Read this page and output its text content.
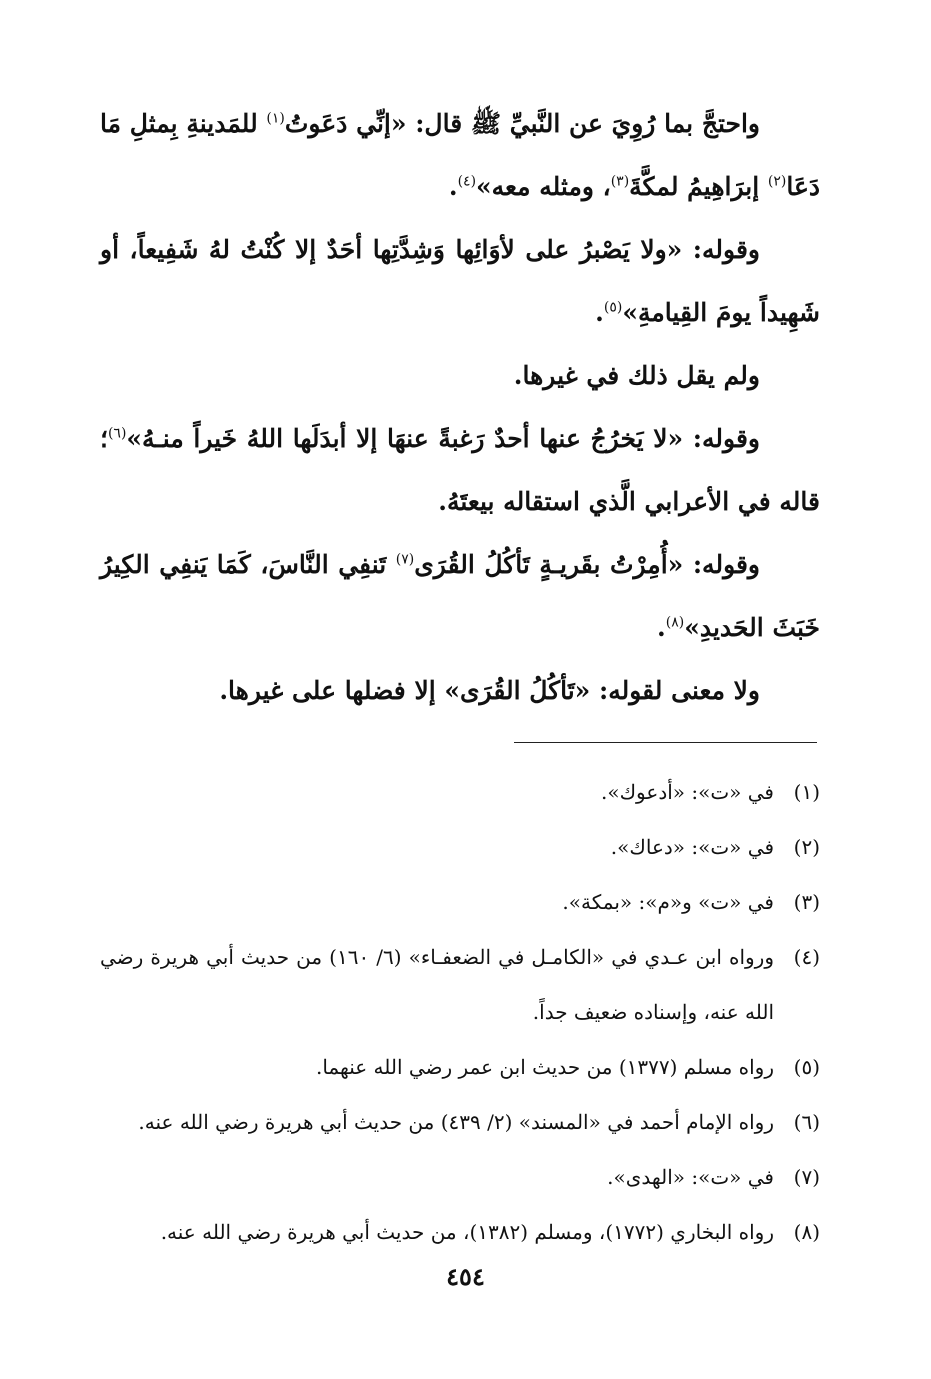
واحتجَّ بما رُوِيَ عن النَّبيِّ ﷺ قال: «إنِّي دَعَوتُ$^{(١)}$ للمَدينةِ بِمثلِ مَا دَعَا$^{(٢)}$ إبرَاهِيمُ لمكَّةَ$^{(٣)}$، ومثله معه»$^{(٤)}$.

وقوله: «ولا يَصْبرُ على لأوَائِها وَشِدَّتِها أحَدٌ إلا كُنْتُ لهُ شَفِيعاً، أو شَهِيداً يومَ القِيامةِ»$^{(٥)}$.

ولم يقل ذلك في غيرها.

وقوله: «لا يَخرُجُ عنها أحدٌ رَغبةً عنهَا إلا أبدَلَها اللهُ خَيراً منـهُ»$^{(٦)}$؛ قاله في الأعرابي الَّذي استقاله بيعتَهُ.

وقوله: «أُمِرْتُ بقَريـةٍ تَأكُلُ القُرَى$^{(٧)}$ تَنفِي النَّاسَ، كَمَا يَنفِي الكِيرُ خَبَثَ الحَديدِ»$^{(٨)}$.

ولا معنى لقوله: «تَأكُلُ القُرَى» إلا فضلها على غيرها.

(١)
في «ت»: «أدعوك».
(٢)
في «ت»: «دعاك».
(٣)
في «ت» و«م»: «بمكة».
(٤)
ورواه ابن عـدي في «الكامـل في الضعفـاء» (٦/ ١٦٠) من حديث أبي هريرة رضي الله عنه، وإسناده ضعيف جداً.
(٥)
رواه مسلم (١٣٧٧) من حديث ابن عمر رضي الله عنهما.
(٦)
رواه الإمام أحمد في «المسند» (٢/ ٤٣٩) من حديث أبي هريرة رضي الله عنه.
(٧)
في «ت»: «الهدى».
(٨)
رواه البخاري (١٧٧٢)، ومسلم (١٣٨٢)، من حديث أبي هريرة رضي الله عنه.
٤٥٤
